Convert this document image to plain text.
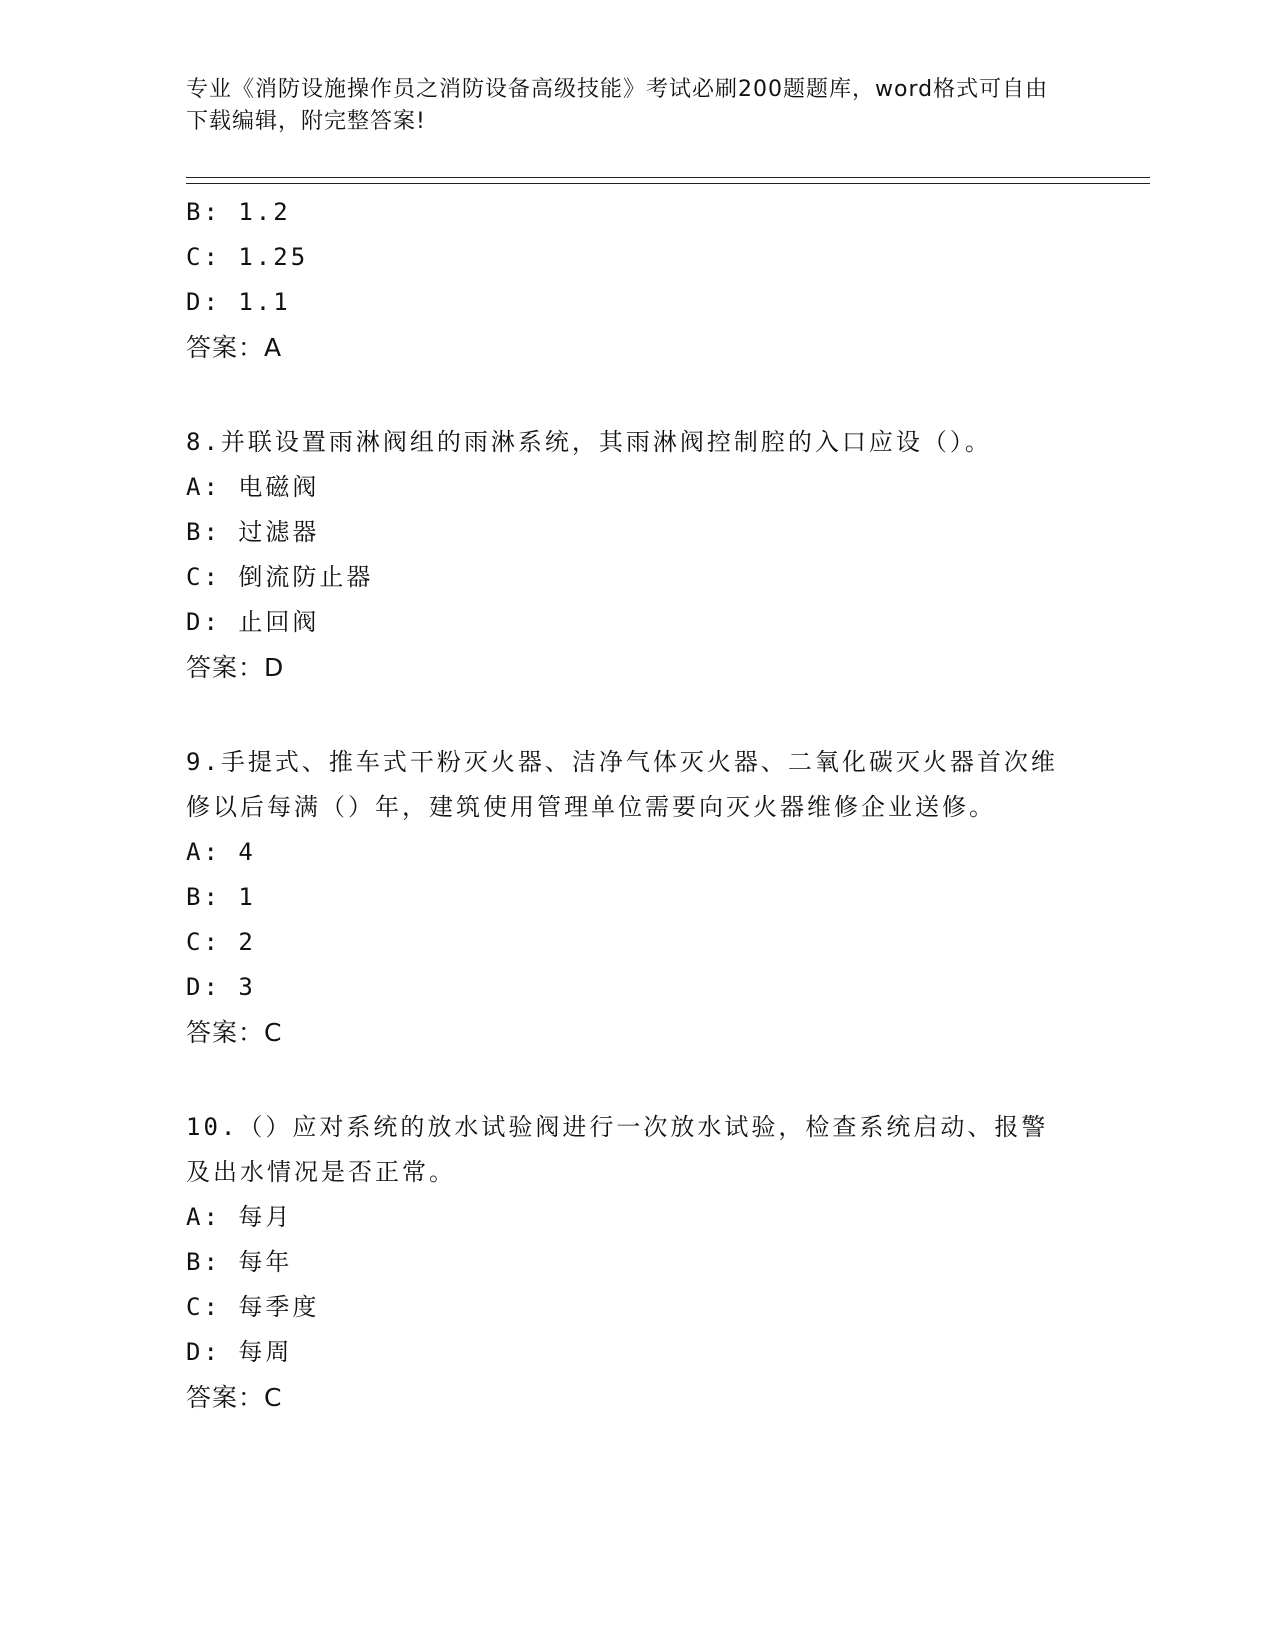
专业《消防设施操作员之消防设备高级技能》考试必刷200题题库，word格式可自由下载编辑，附完整答案!
B: 1.2
C: 1.25
D: 1.1
答案：A
8.并联设置雨淋阀组的雨淋系统，其雨淋阀控制腔的入口应设（）。
A: 电磁阀
B: 过滤器
C: 倒流防止器
D: 止回阀
答案：D
9.手提式、推车式干粉灭火器、洁净气体灭火器、二氧化碳灭火器首次维修以后每满（）年，建筑使用管理单位需要向灭火器维修企业送修。
A: 4
B: 1
C: 2
D: 3
答案：C
10.（）应对系统的放水试验阀进行一次放水试验，检查系统启动、报警及出水情况是否正常。
A: 每月
B: 每年
C: 每季度
D: 每周
答案：C
